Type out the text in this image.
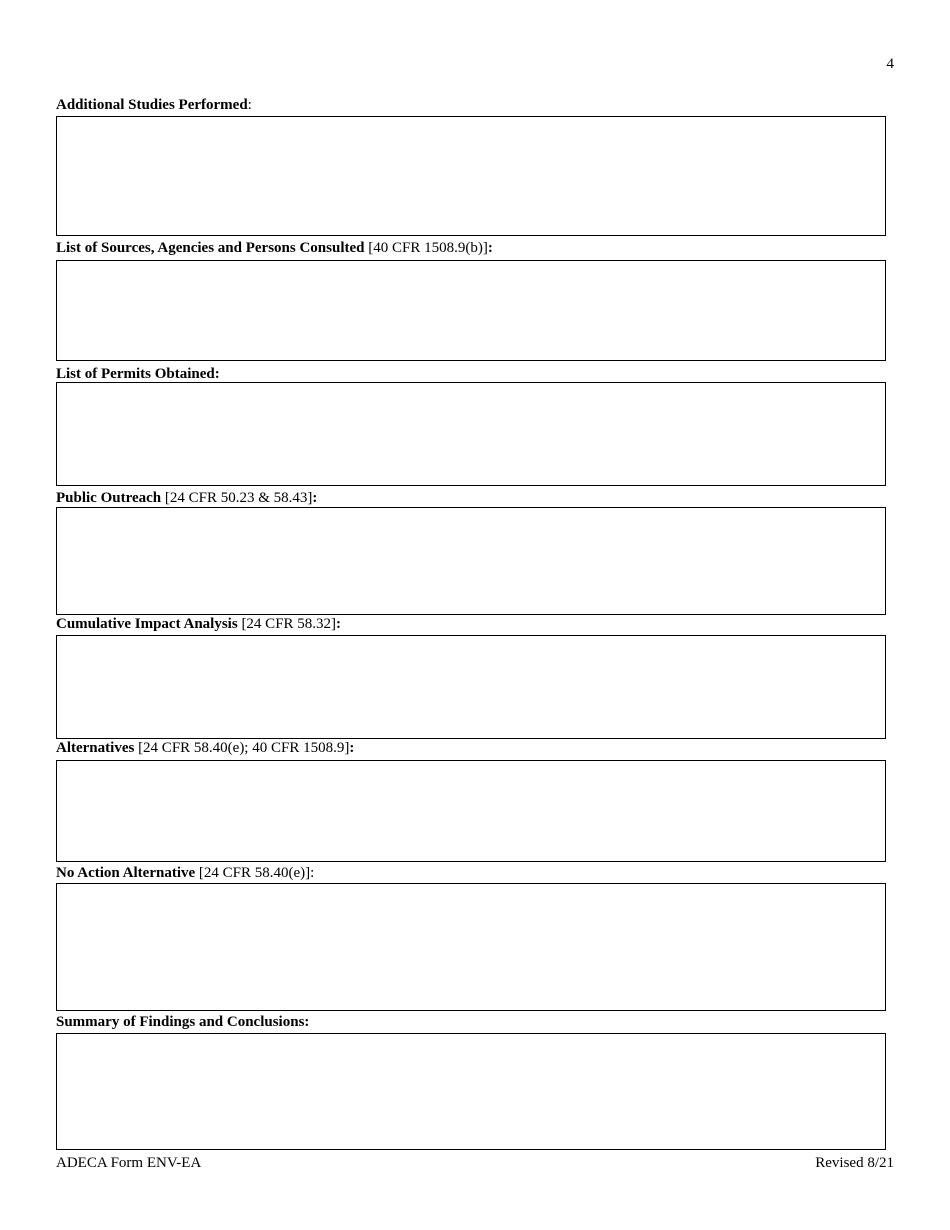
4
Additional Studies Performed:
List of Sources, Agencies and Persons Consulted [40 CFR 1508.9(b)]:
List of Permits Obtained:
Public Outreach [24 CFR 50.23 & 58.43]:
Cumulative Impact Analysis [24 CFR 58.32]:
Alternatives [24 CFR 58.40(e); 40 CFR 1508.9]:
No Action Alternative [24 CFR 58.40(e)]:
Summary of Findings and Conclusions:
ADECA Form ENV-EA	Revised 8/21
